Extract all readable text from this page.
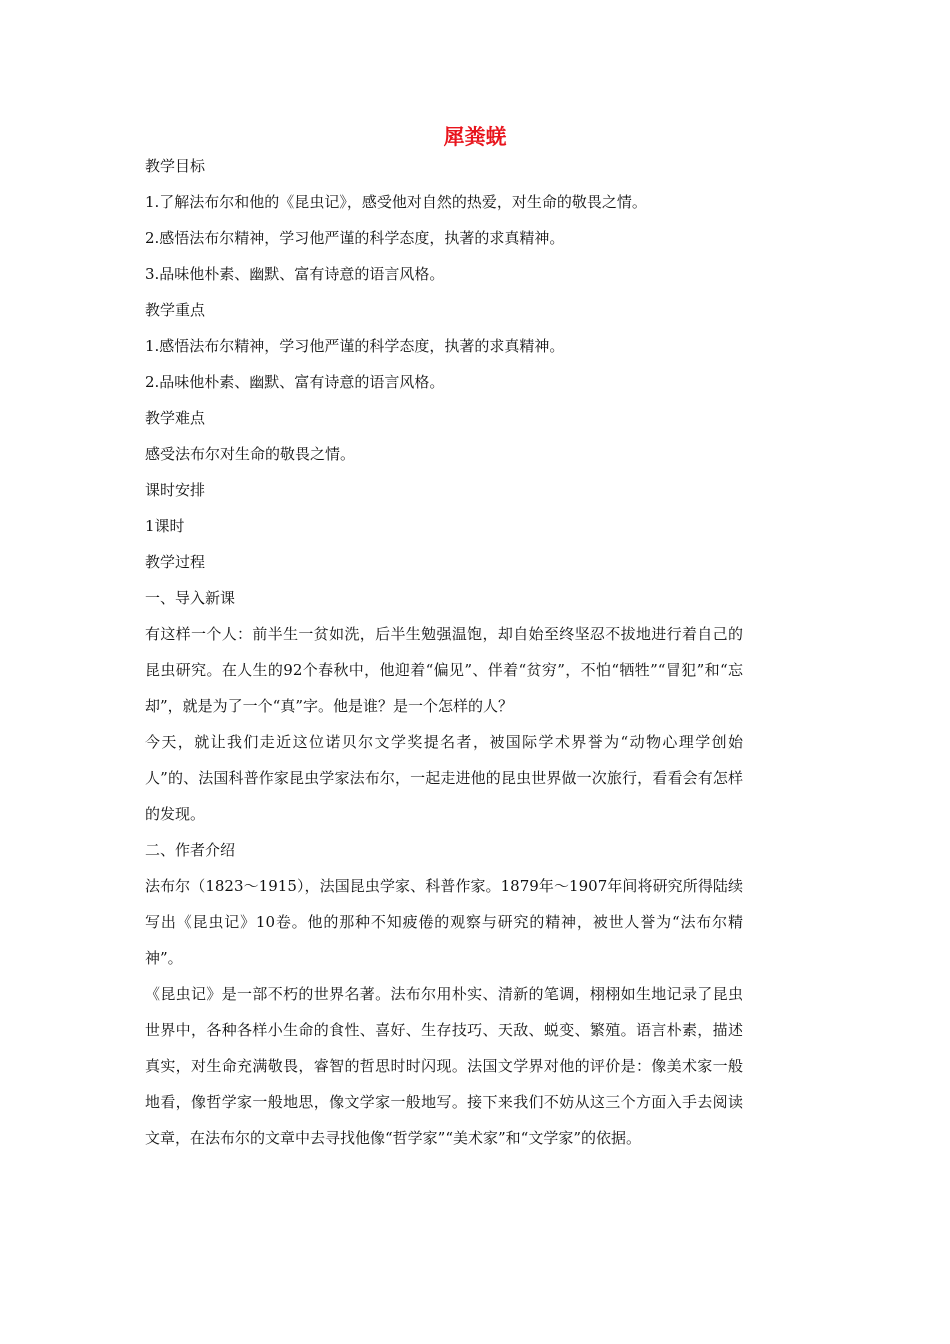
犀粪蜣

教学目标

1.了解法布尔和他的《昆虫记》，感受他对自然的热爱，对生命的敬畏之情。

2.感悟法布尔精神，学习他严谨的科学态度，执著的求真精神。

3.品味他朴素、幽默、富有诗意的语言风格。

教学重点

1.感悟法布尔精神，学习他严谨的科学态度，执著的求真精神。

2.品味他朴素、幽默、富有诗意的语言风格。

教学难点

感受法布尔对生命的敬畏之情。

课时安排

1课时

教学过程

一、导入新课

有这样一个人：前半生一贫如洗，后半生勉强温饱，却自始至终坚忍不拔地进行着自己的昆虫研究。在人生的92个春秋中，他迎着“偏见”、伴着“贫穷”，不怕“牺牲”“冒犯”和“忘却”，就是为了一个“真”字。他是谁？是一个怎样的人？

今天，就让我们走近这位诺贝尔文学奖提名者，被国际学术界誉为“动物心理学创始人”的、法国科普作家昆虫学家法布尔，一起走进他的昆虫世界做一次旅行，看看会有怎样的发现。

二、作者介绍

法布尔（1823～1915），法国昆虫学家、科普作家。1879年～1907年间将研究所得陆续写出《昆虫记》10卷。他的那种不知疲倦的观察与研究的精神，被世人誉为“法布尔精神”。

《昆虫记》是一部不朽的世界名著。法布尔用朴实、清新的笔调，栩栩如生地记录了昆虫世界中，各种各样小生命的食性、喜好、生存技巧、天敌、蜕变、繁殖。语言朴素，描述真实，对生命充满敬畏，睿智的哲思时时闪现。法国文学界对他的评价是：像美术家一般地看，像哲学家一般地思，像文学家一般地写。接下来我们不妨从这三个方面入手去阅读文章，在法布尔的文章中去寻找他像“哲学家”“美术家”和“文学家”的依据。
